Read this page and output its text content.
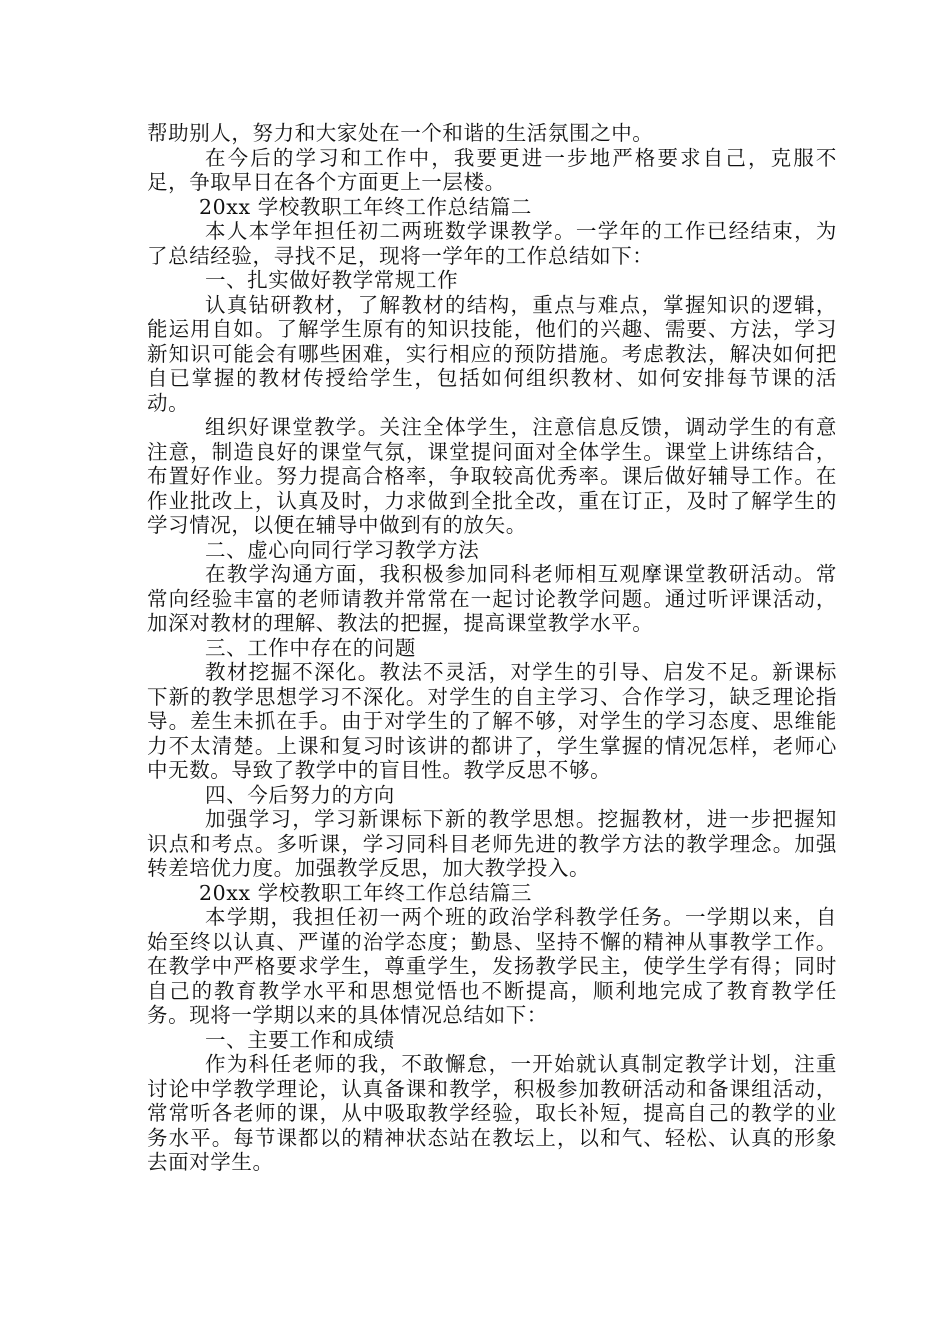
帮助别人，努力和大家处在一个和谐的生活氛围之中。

在今后的学习和工作中，我要更进一步地严格要求自己，克服不足，争取早日在各个方面更上一层楼。

20xx 学校教职工年终工作总结篇二

本人本学年担任初二两班数学课教学。一学年的工作已经结束，为了总结经验，寻找不足，现将一学年的工作总结如下：

一、扎实做好教学常规工作

认真钻研教材，了解教材的结构，重点与难点，掌握知识的逻辑，能运用自如。了解学生原有的知识技能，他们的兴趣、需要、方法，学习新知识可能会有哪些困难，实行相应的预防措施。考虑教法，解决如何把自已掌握的教材传授给学生，包括如何组织教材、如何安排每节课的活动。

组织好课堂教学。关注全体学生，注意信息反馈，调动学生的有意注意，制造良好的课堂气氛，课堂提问面对全体学生。课堂上讲练结合，布置好作业。努力提高合格率，争取较高优秀率。课后做好辅导工作。在作业批改上，认真及时，力求做到全批全改，重在订正，及时了解学生的学习情况，以便在辅导中做到有的放矢。

二、虚心向同行学习教学方法

在教学沟通方面，我积极参加同科老师相互观摩课堂教研活动。常常向经验丰富的老师请教并常常在一起讨论教学问题。通过听评课活动，加深对教材的理解、教法的把握，提高课堂教学水平。

三、工作中存在的问题

教材挖掘不深化。教法不灵活，对学生的引导、启发不足。新课标下新的教学思想学习不深化。对学生的自主学习、合作学习，缺乏理论指导。差生未抓在手。由于对学生的了解不够，对学生的学习态度、思维能力不太清楚。上课和复习时该讲的都讲了，学生掌握的情况怎样，老师心中无数。导致了教学中的盲目性。教学反思不够。

四、今后努力的方向

加强学习，学习新课标下新的教学思想。挖掘教材，进一步把握知识点和考点。多听课，学习同科目老师先进的教学方法的教学理念。加强转差培优力度。加强教学反思，加大教学投入。

20xx 学校教职工年终工作总结篇三

本学期，我担任初一两个班的政治学科教学任务。一学期以来，自始至终以认真、严谨的治学态度；勤恳、坚持不懈的精神从事教学工作。在教学中严格要求学生，尊重学生，发扬教学民主，使学生学有得；同时自己的教育教学水平和思想觉悟也不断提高，顺利地完成了教育教学任务。现将一学期以来的具体情况总结如下：

一、主要工作和成绩

作为科任老师的我，不敢懈怠，一开始就认真制定教学计划，注重讨论中学教学理论，认真备课和教学，积极参加教研活动和备课组活动，常常听各老师的课，从中吸取教学经验，取长补短，提高自己的教学的业务水平。每节课都以的精神状态站在教坛上，以和气、轻松、认真的形象去面对学生。
